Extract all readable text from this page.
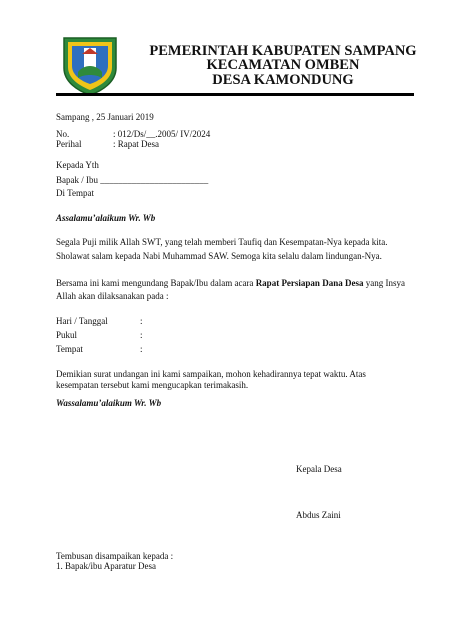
PEMERINTAH KABUPATEN SAMPANG
KECAMATAN OMBEN
DESA KAMONDUNG
Sampang , 25 Januari 2019
No.	: 012/Ds/__.2005/ IV/2024
Perihal	: Rapat Desa
Kepada Yth
Bapak / Ibu ________________________
Di Tempat
Assalamu’alaikum Wr. Wb
Segala Puji milik Allah SWT, yang telah memberi Taufiq dan Kesempatan-Nya kepada kita.
Sholawat salam kepada Nabi Muhammad SAW. Semoga kita selalu dalam lindungan-Nya.
Bersama ini kami mengundang Bapak/Ibu dalam acara Rapat Persiapan Dana Desa yang Insya
Allah akan dilaksanakan pada :
Hari / Tanggal	:
Pukul	:
Tempat	:
Demikian surat undangan ini kami sampaikan, mohon kehadirannya tepat waktu. Atas
kesempatan tersebut kami mengucapkan terimakasih.
Wassalamu’alaikum Wr. Wb
Kepala Desa
Abdus Zaini
Tembusan disampaikan kepada :
1. Bapak/ibu Aparatur Desa
